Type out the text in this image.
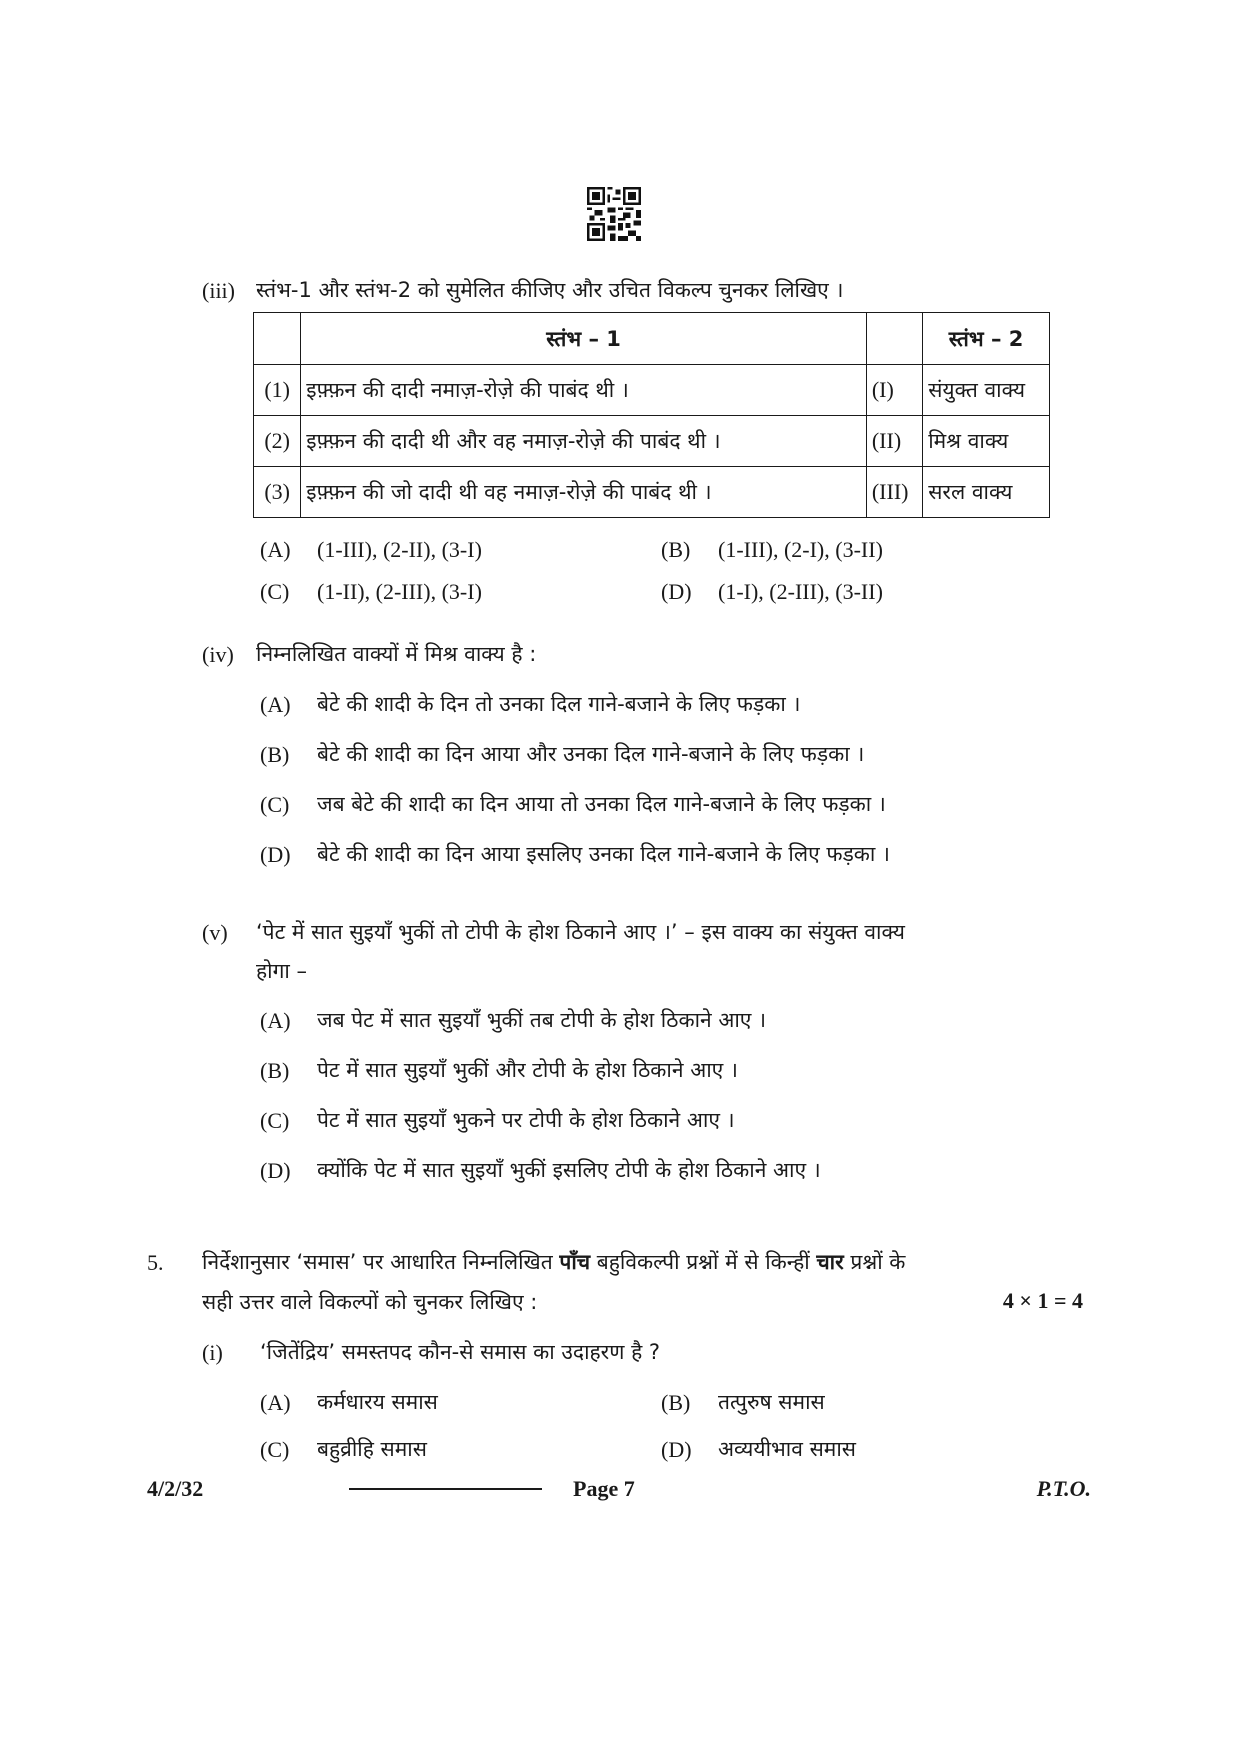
(iii) स्तंभ-1 और स्तंभ-2 को सुमेलित कीजिए और उचित विकल्प चुनकर लिखिए ।
	स्तंभ – 1		स्तंभ – 2
(1)	इफ़्फ़न की दादी नमाज़-रोज़े की पाबंद थी ।	(I)	संयुक्त वाक्य
(2)	इफ़्फ़न की दादी थी और वह नमाज़-रोज़े की पाबंद थी ।	(II)	मिश्र वाक्य
(3)	इफ़्फ़न की जो दादी थी वह नमाज़-रोज़े की पाबंद थी ।	(III)	सरल वाक्य
(A) (1-III), (2-II), (3-I)	(B) (1-III), (2-I), (3-II)
(C) (1-II), (2-III), (3-I)	(D) (1-I), (2-III), (3-II)
(iv) निम्नलिखित वाक्यों में मिश्र वाक्य है :
(A) बेटे की शादी के दिन तो उनका दिल गाने-बजाने के लिए फड़का ।
(B) बेटे की शादी का दिन आया और उनका दिल गाने-बजाने के लिए फड़का ।
(C) जब बेटे की शादी का दिन आया तो उनका दिल गाने-बजाने के लिए फड़का ।
(D) बेटे की शादी का दिन आया इसलिए उनका दिल गाने-बजाने के लिए फड़का ।
(v) ‘पेट में सात सुइयाँ भुकीं तो टोपी के होश ठिकाने आए ।’ – इस वाक्य का संयुक्त वाक्य
होगा –
(A) जब पेट में सात सुइयाँ भुकीं तब टोपी के होश ठिकाने आए ।
(B) पेट में सात सुइयाँ भुकीं और टोपी के होश ठिकाने आए ।
(C) पेट में सात सुइयाँ भुकने पर टोपी के होश ठिकाने आए ।
(D) क्योंकि पेट में सात सुइयाँ भुकीं इसलिए टोपी के होश ठिकाने आए ।
5. निर्देशानुसार ‘समास’ पर आधारित निम्नलिखित पाँच बहुविकल्पी प्रश्नों में से किन्हीं चार प्रश्नों के
सही उत्तर वाले विकल्पों को चुनकर लिखिए :	4 × 1 = 4
(i) ‘जितेंद्रिय’ समस्तपद कौन-से समास का उदाहरण है ?
(A) कर्मधारय समास	(B) तत्पुरुष समास
(C) बहुव्रीहि समास	(D) अव्ययीभाव समास
4/2/32	Page 7	P.T.O.
